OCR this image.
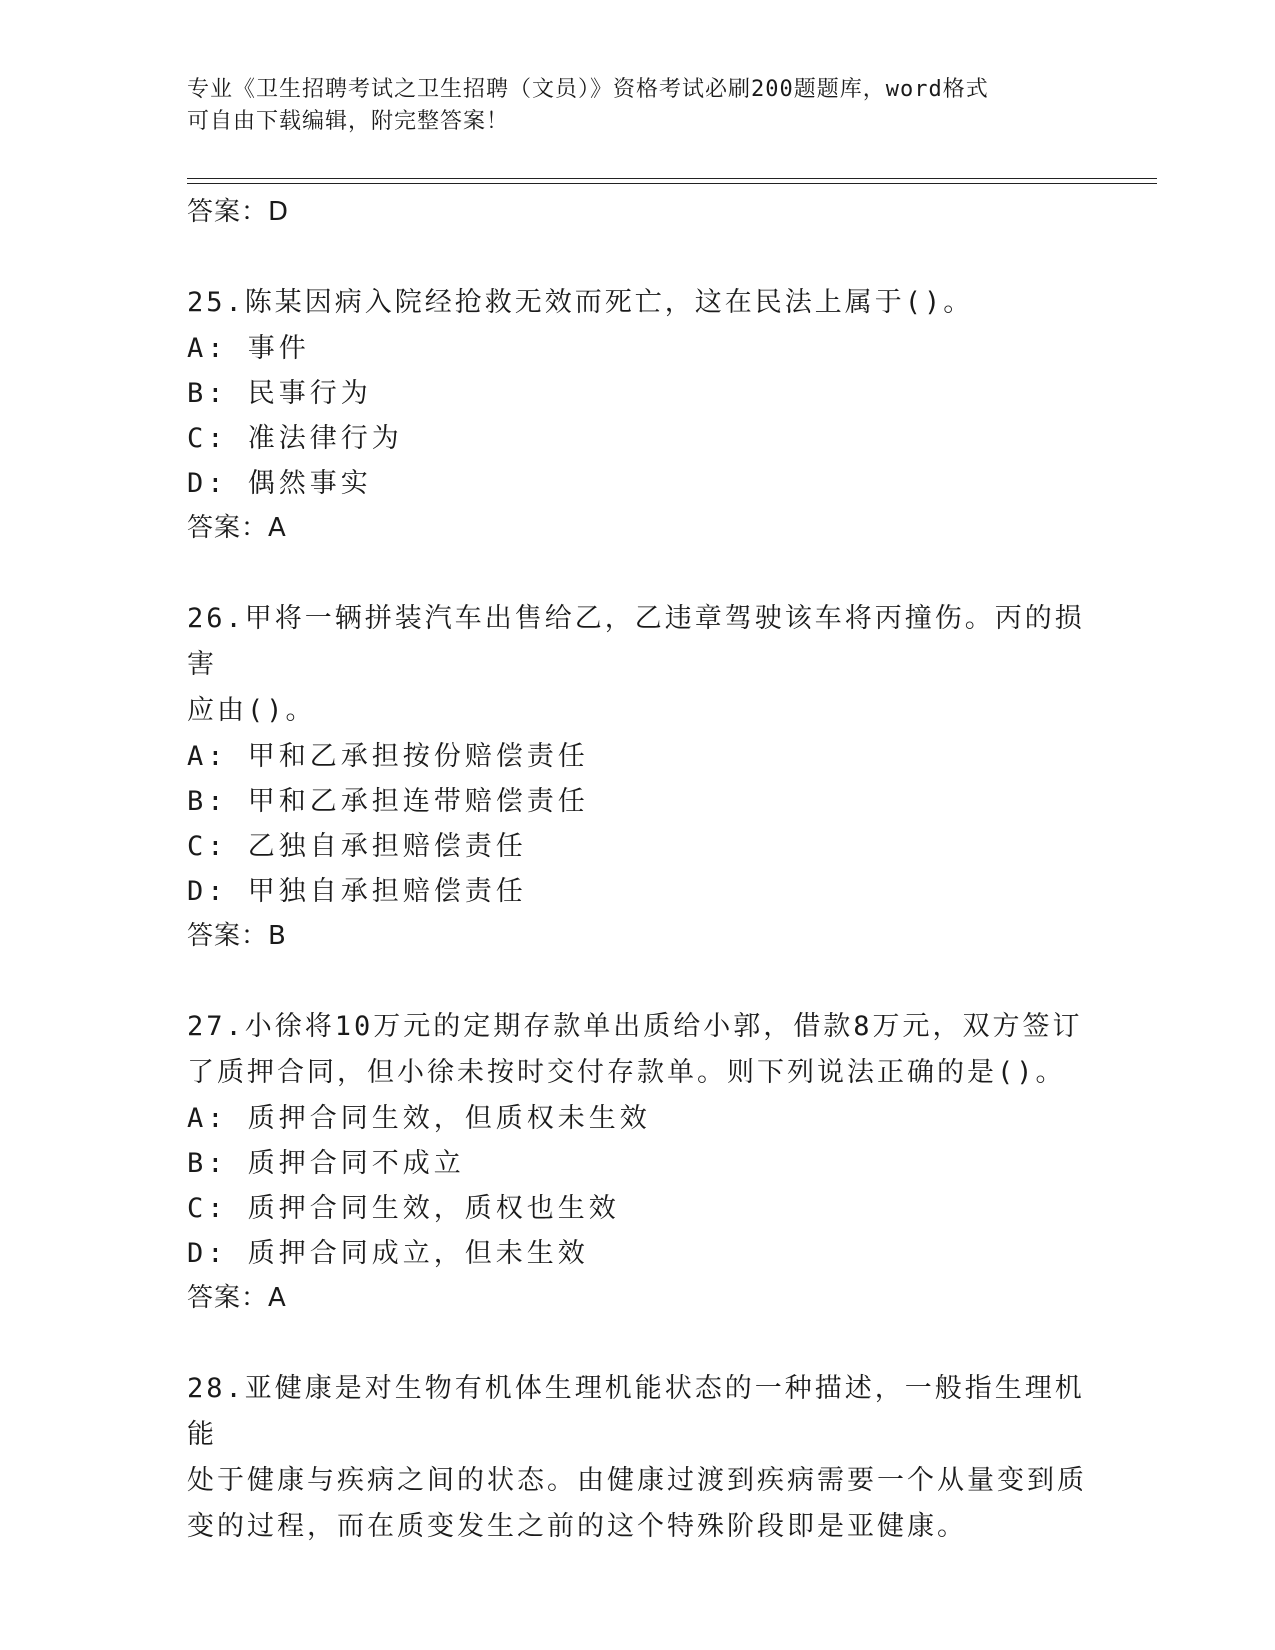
专业《卫生招聘考试之卫生招聘（文员）》资格考试必刷200题题库，word格式
可自由下载编辑，附完整答案！
答案：D
25.陈某因病入院经抢救无效而死亡，这在民法上属于()。
A: 事件
B: 民事行为
C: 准法律行为
D: 偶然事实
答案：A
26.甲将一辆拼装汽车出售给乙，乙违章驾驶该车将丙撞伤。丙的损害
应由()。
A: 甲和乙承担按份赔偿责任
B: 甲和乙承担连带赔偿责任
C: 乙独自承担赔偿责任
D: 甲独自承担赔偿责任
答案：B
27.小徐将10万元的定期存款单出质给小郭，借款8万元，双方签订
了质押合同，但小徐未按时交付存款单。则下列说法正确的是()。
A: 质押合同生效，但质权未生效
B: 质押合同不成立
C: 质押合同生效，质权也生效
D: 质押合同成立，但未生效
答案：A
28.亚健康是对生物有机体生理机能状态的一种描述，一般指生理机能
处于健康与疾病之间的状态。由健康过渡到疾病需要一个从量变到质
变的过程，而在质变发生之前的这个特殊阶段即是亚健康。
